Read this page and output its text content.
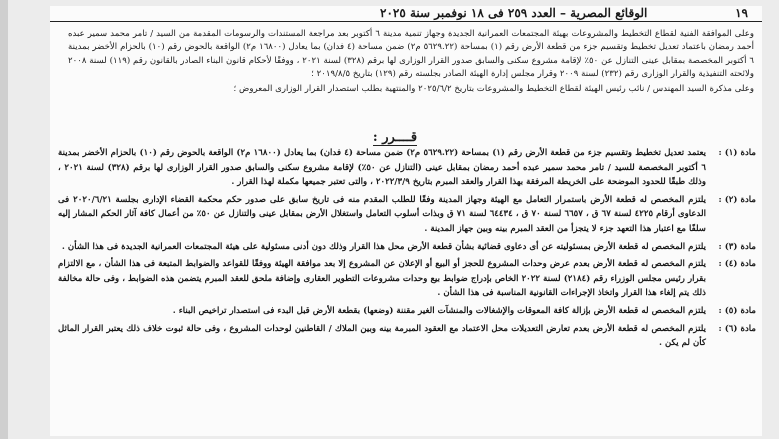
١٩
الوقائع المصرية – العدد ٢٥٩ فى ١٨ نوفمبر سنة ٢٠٢٥

وعلى الموافقة الفنية لقطاع التخطيط والمشروعات بهيئة المجتمعات العمرانية الجديدة وجهاز تنمية مدينة ٦ أكتوبر بعد مراجعة المستندات والرسومات المقدمة من السيد / تامر محمد سمير عبده أحمد رمضان باعتماد تعديل تخطيط وتقسيم جزء من قطعة الأرض رقم (١) بمساحة (٥٦٢٩.٢٢ م٢) ضمن مساحة (٤ فدان) بما يعادل (١٦٨٠٠ م٢) الواقعة بالحوض رقم (١٠) بالحزام الأخضر بمدينة ٦ أكتوبر المخصصة بمقابل عينى التنازل عن ٥٠٪ لإقامة مشروع سكنى والسابق صدور القرار الوزارى لها برقم (٣٢٨) لسنة ٢٠٢١ ، ووفقًا لأحكام قانون البناء الصادر بالقانون رقم (١١٩) لسنة ٢٠٠٨ ولائحته التنفيذية والقرار الوزارى رقم (٢٣٢) لسنة ٢٠٠٩ وقرار مجلس إدارة الهيئة الصادر بجلسته رقم (١٢٩) بتاريخ ٢٠١٩/٨/٥ ؛

وعلى مذكرة السيد المهندس / نائب رئيس الهيئة لقطاع التخطيط والمشروعات بتاريخ ٢٠٢٥/٦/٢ والمنتهية بطلب استصدار القرار الوزارى المعروض ؛

قــــرر :
مادة (١) :
يعتمد تعديل تخطيط وتقسيم جزء من قطعة الأرض رقم (١) بمساحة (٥٦٢٩.٢٢ م٢) ضمن مساحة (٤ فدان) بما يعادل (١٦٨٠٠ م٢) الواقعة بالحوض رقم (١٠) بالحزام الأخضر بمدينة ٦ أكتوبر المخصصة للسيد / تامر محمد سمير عبده أحمد رمضان بمقابل عينى (التنازل عن ٥٠٪) لإقامة مشروع سكنى والسابق صدور القرار الوزارى لها برقم (٣٢٨) لسنة ٢٠٢١ ، وذلك طبقًا للحدود الموضحة على الخريطة المرفقة بهذا القرار والعقد المبرم بتاريخ ٢٠٢٢/٣/٩ ، والتى تعتبر جميعها مكملة لهذا القرار .
مادة (٢) :
يلتزم المخصص له قطعة الأرض باستمرار التعامل مع الهيئة وجهاز المدينة وفقًا للطلب المقدم منه فى تاريخ سابق على صدور حكم محكمة القضاء الإدارى بجلسة ٢٠٢٠/٦/٢١ فى الدعاوى أرقام ٤٢٢٥ لسنة ٦٧ ق ، ٦٦٥٧ لسنة ٧٠ ق ، ٦٤٤٣٤ لسنة ٧١ ق وبذات أسلوب التعامل واستغلال الأرض بمقابل عينى والتنازل عن ٥٠٪ من أعمال كافة آثار الحكم المشار إليه سلفًا مع اعتبار هذا التعهد جزء لا يتجزأ من العقد المبرم بينه وبين جهاز المدينة .
مادة (٣) :
يلتزم المخصص له قطعة الأرض بمسئوليته عن أى دعاوى قضائية بشأن قطعة الأرض محل هذا القرار وذلك دون أدنى مسئولية على هيئة المجتمعات العمرانية الجديدة فى هذا الشأن .
مادة (٤) :
يلتزم المخصص له قطعة الأرض بعدم عرض وحدات المشروع للحجز أو البيع أو الإعلان عن المشروع إلا بعد موافقة الهيئة ووفقًا للقواعد والضوابط المتبعة فى هذا الشأن ، مع الالتزام بقرار رئيس مجلس الوزراء رقم (٢١٨٤) لسنة ٢٠٢٢ الخاص بإدراج ضوابط بيع وحدات مشروعات التطوير العقارى وإضافة ملحق للعقد المبرم يتضمن هذه الضوابط ، وفى حالة مخالفة ذلك يتم إلغاء هذا القرار واتخاذ الإجراءات القانونية المناسبة فى هذا الشأن .
مادة (٥) :
يلتزم المخصص له قطعة الأرض بإزالة كافة المعوقات والإشغالات والمنشآت الغير مقننة (وضعها) بقطعة الأرض قبل البدء فى استصدار تراخيص البناء .
مادة (٦) :
يلتزم المخصص له قطعة الأرض بعدم تعارض التعديلات محل الاعتماد مع العقود المبرمة بينه وبين الملاك / القاطنين لوحدات المشروع ، وفى حالة ثبوت خلاف ذلك يعتبر القرار الماثل كأن لم يكن .
